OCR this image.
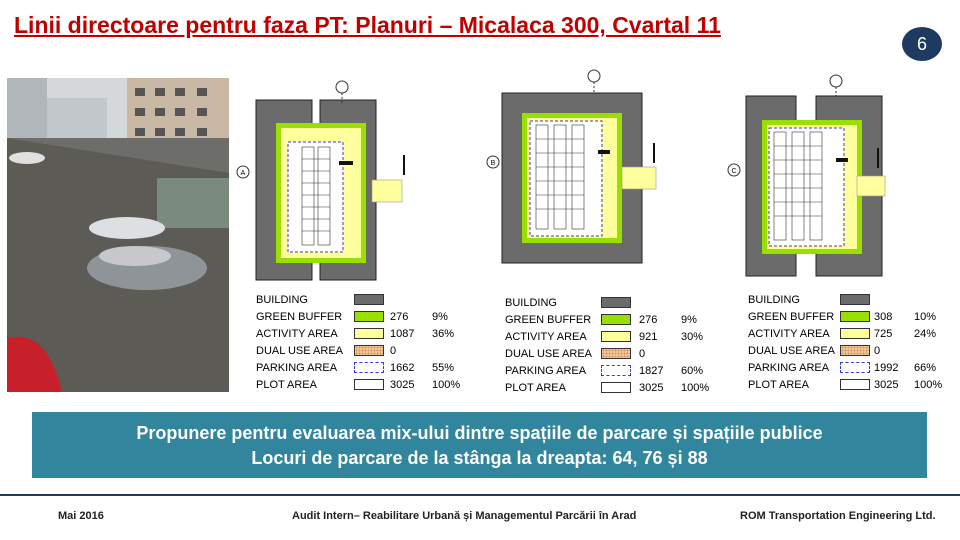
Linii directoare pentru faza PT: Planuri – Micalaca 300, Cvartal 11
6
A
B
C
BUILDING
GREEN BUFFER	276 9%
ACTIVITY AREA	1087 36%
DUAL USE AREA	0
PARKING AREA	1662 55%
PLOT AREA	3025 100%
BUILDING
GREEN BUFFER	276 9%
ACTIVITY AREA	921 30%
DUAL USE AREA	0
PARKING AREA	1827 60%
PLOT AREA	3025 100%
BUILDING
GREEN BUFFER	308 10%
ACTIVITY AREA	725 24%
DUAL USE AREA	0
PARKING AREA	1992 66%
PLOT AREA	3025 100%
Propunere pentru evaluarea mix-ului dintre spațiile de parcare și spațiile publice
Locuri de parcare de la stânga la dreapta: 64, 76 și 88
Mai 2016	Audit Intern– Reabilitare Urbană și Managementul Parcării în Arad	ROM Transportation Engineering Ltd.
